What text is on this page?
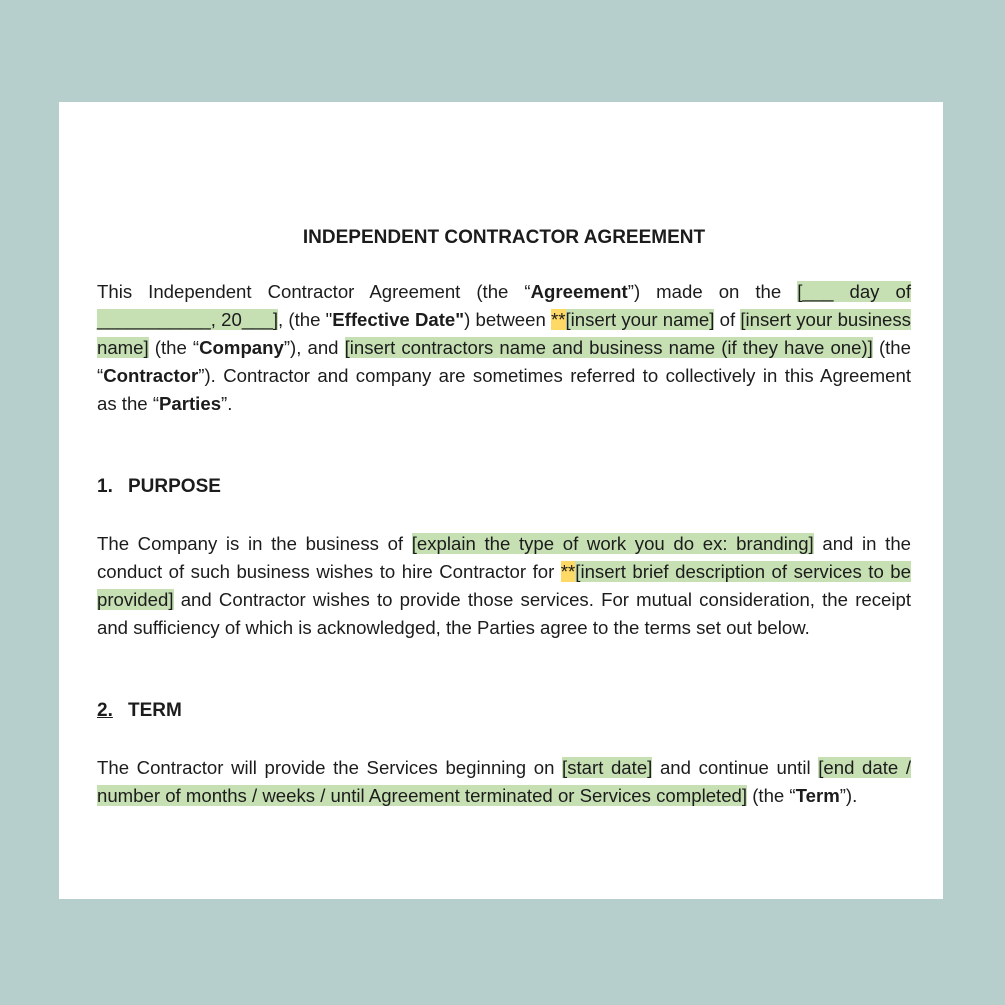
INDEPENDENT CONTRACTOR AGREEMENT

This Independent Contractor Agreement (the “Agreement”) made on the [___ day of ___________, 20___], (the "Effective Date") between **[insert your name] of [insert your business name] (the “Company”), and [insert contractors name and business name (if they have one)] (the “Contractor”). Contractor and company are sometimes referred to collectively in this Agreement as the “Parties”.

1. PURPOSE

The Company is in the business of [explain the type of work you do ex: branding] and in the conduct of such business wishes to hire Contractor for **[insert brief description of services to be provided] and Contractor wishes to provide those services. For mutual consideration, the receipt and sufficiency of which is acknowledged, the Parties agree to the terms set out below.

2. TERM

The Contractor will provide the Services beginning on [start date] and continue until [end date / number of months / weeks / until Agreement terminated or Services completed] (the “Term”).
